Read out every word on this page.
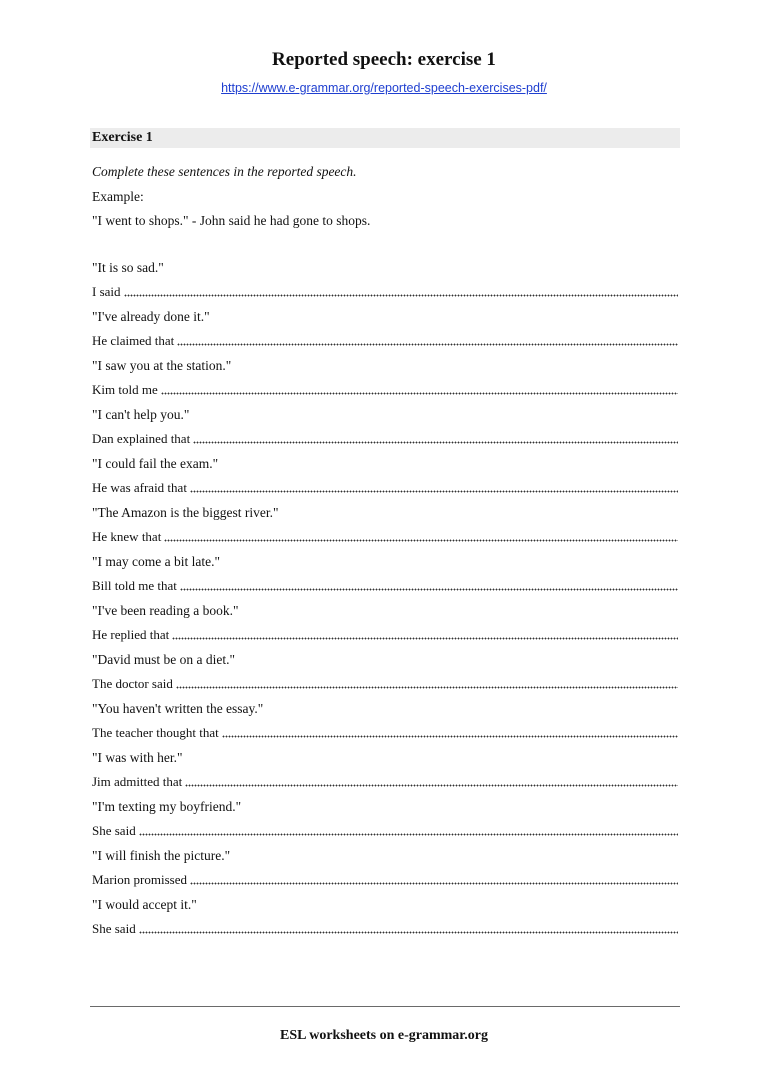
Reported speech: exercise 1
https://www.e-grammar.org/reported-speech-exercises-pdf/
Exercise 1
Complete these sentences in the reported speech.
Example:
"I went to shops." - John said he had gone to shops.
"It is so sad."
I said
"I've already done it."
He claimed that
"I saw you at the station."
Kim told me
"I can't help you."
Dan explained that
"I could fail the exam."
He was afraid that
"The Amazon is the biggest river."
He knew that
"I may come a bit late."
Bill told me that
"I've been reading a book."
He replied that
"David must be on a diet."
The doctor said
"You haven't written the essay."
The teacher thought that
"I was with her."
Jim admitted that
"I'm texting my boyfriend."
She said
"I will finish the picture."
Marion promissed
"I would accept it."
She said
ESL worksheets on e-grammar.org
